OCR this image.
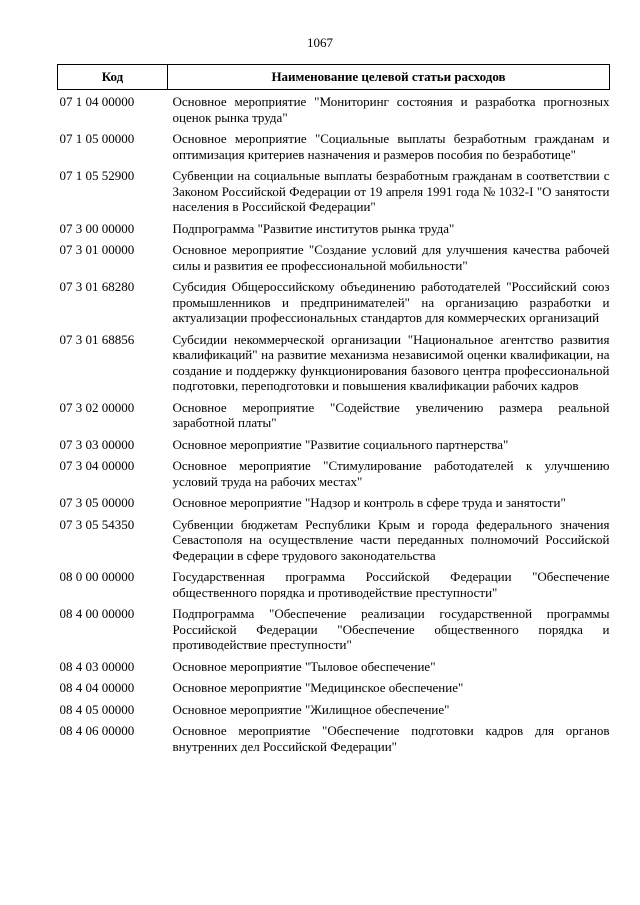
1067
Код	Наименование целевой статьи расходов
07 1 04 00000	Основное мероприятие "Мониторинг состояния и разработка прогнозных оценок рынка труда"
07 1 05 00000	Основное мероприятие "Социальные выплаты безработным гражданам и оптимизация критериев назначения и размеров пособия по безработице"
07 1 05 52900	Субвенции на социальные выплаты безработным гражданам в соответствии с Законом Российской Федерации от 19 апреля 1991 года № 1032-I "О занятости населения в Российской Федерации"
07 3 00 00000	Подпрограмма "Развитие институтов рынка труда"
07 3 01 00000	Основное мероприятие "Создание условий для улучшения качества рабочей силы и развития ее профессиональной мобильности"
07 3 01 68280	Субсидия Общероссийскому объединению работодателей "Российский союз промышленников и предпринимателей" на организацию разработки и актуализации профессиональных стандартов для коммерческих организаций
07 3 01 68856	Субсидии некоммерческой организации "Национальное агентство развития квалификаций" на развитие механизма независимой оценки квалификации, на создание и поддержку функционирования базового центра профессиональной подготовки, переподготовки и повышения квалификации рабочих кадров
07 3 02 00000	Основное мероприятие "Содействие увеличению размера реальной заработной платы"
07 3 03 00000	Основное мероприятие "Развитие социального партнерства"
07 3 04 00000	Основное мероприятие "Стимулирование работодателей к улучшению условий труда на рабочих местах"
07 3 05 00000	Основное мероприятие "Надзор и контроль в сфере труда и занятости"
07 3 05 54350	Субвенции бюджетам Республики Крым и города федерального значения Севастополя на осуществление части переданных полномочий Российской Федерации в сфере трудового законодательства
08 0 00 00000	Государственная программа Российской Федерации "Обеспечение общественного порядка и противодействие преступности"
08 4 00 00000	Подпрограмма "Обеспечение реализации государственной программы Российской Федерации "Обеспечение общественного порядка и противодействие преступности"
08 4 03 00000	Основное мероприятие "Тыловое обеспечение"
08 4 04 00000	Основное мероприятие "Медицинское обеспечение"
08 4 05 00000	Основное мероприятие "Жилищное обеспечение"
08 4 06 00000	Основное мероприятие "Обеспечение подготовки кадров для органов внутренних дел Российской Федерации"
